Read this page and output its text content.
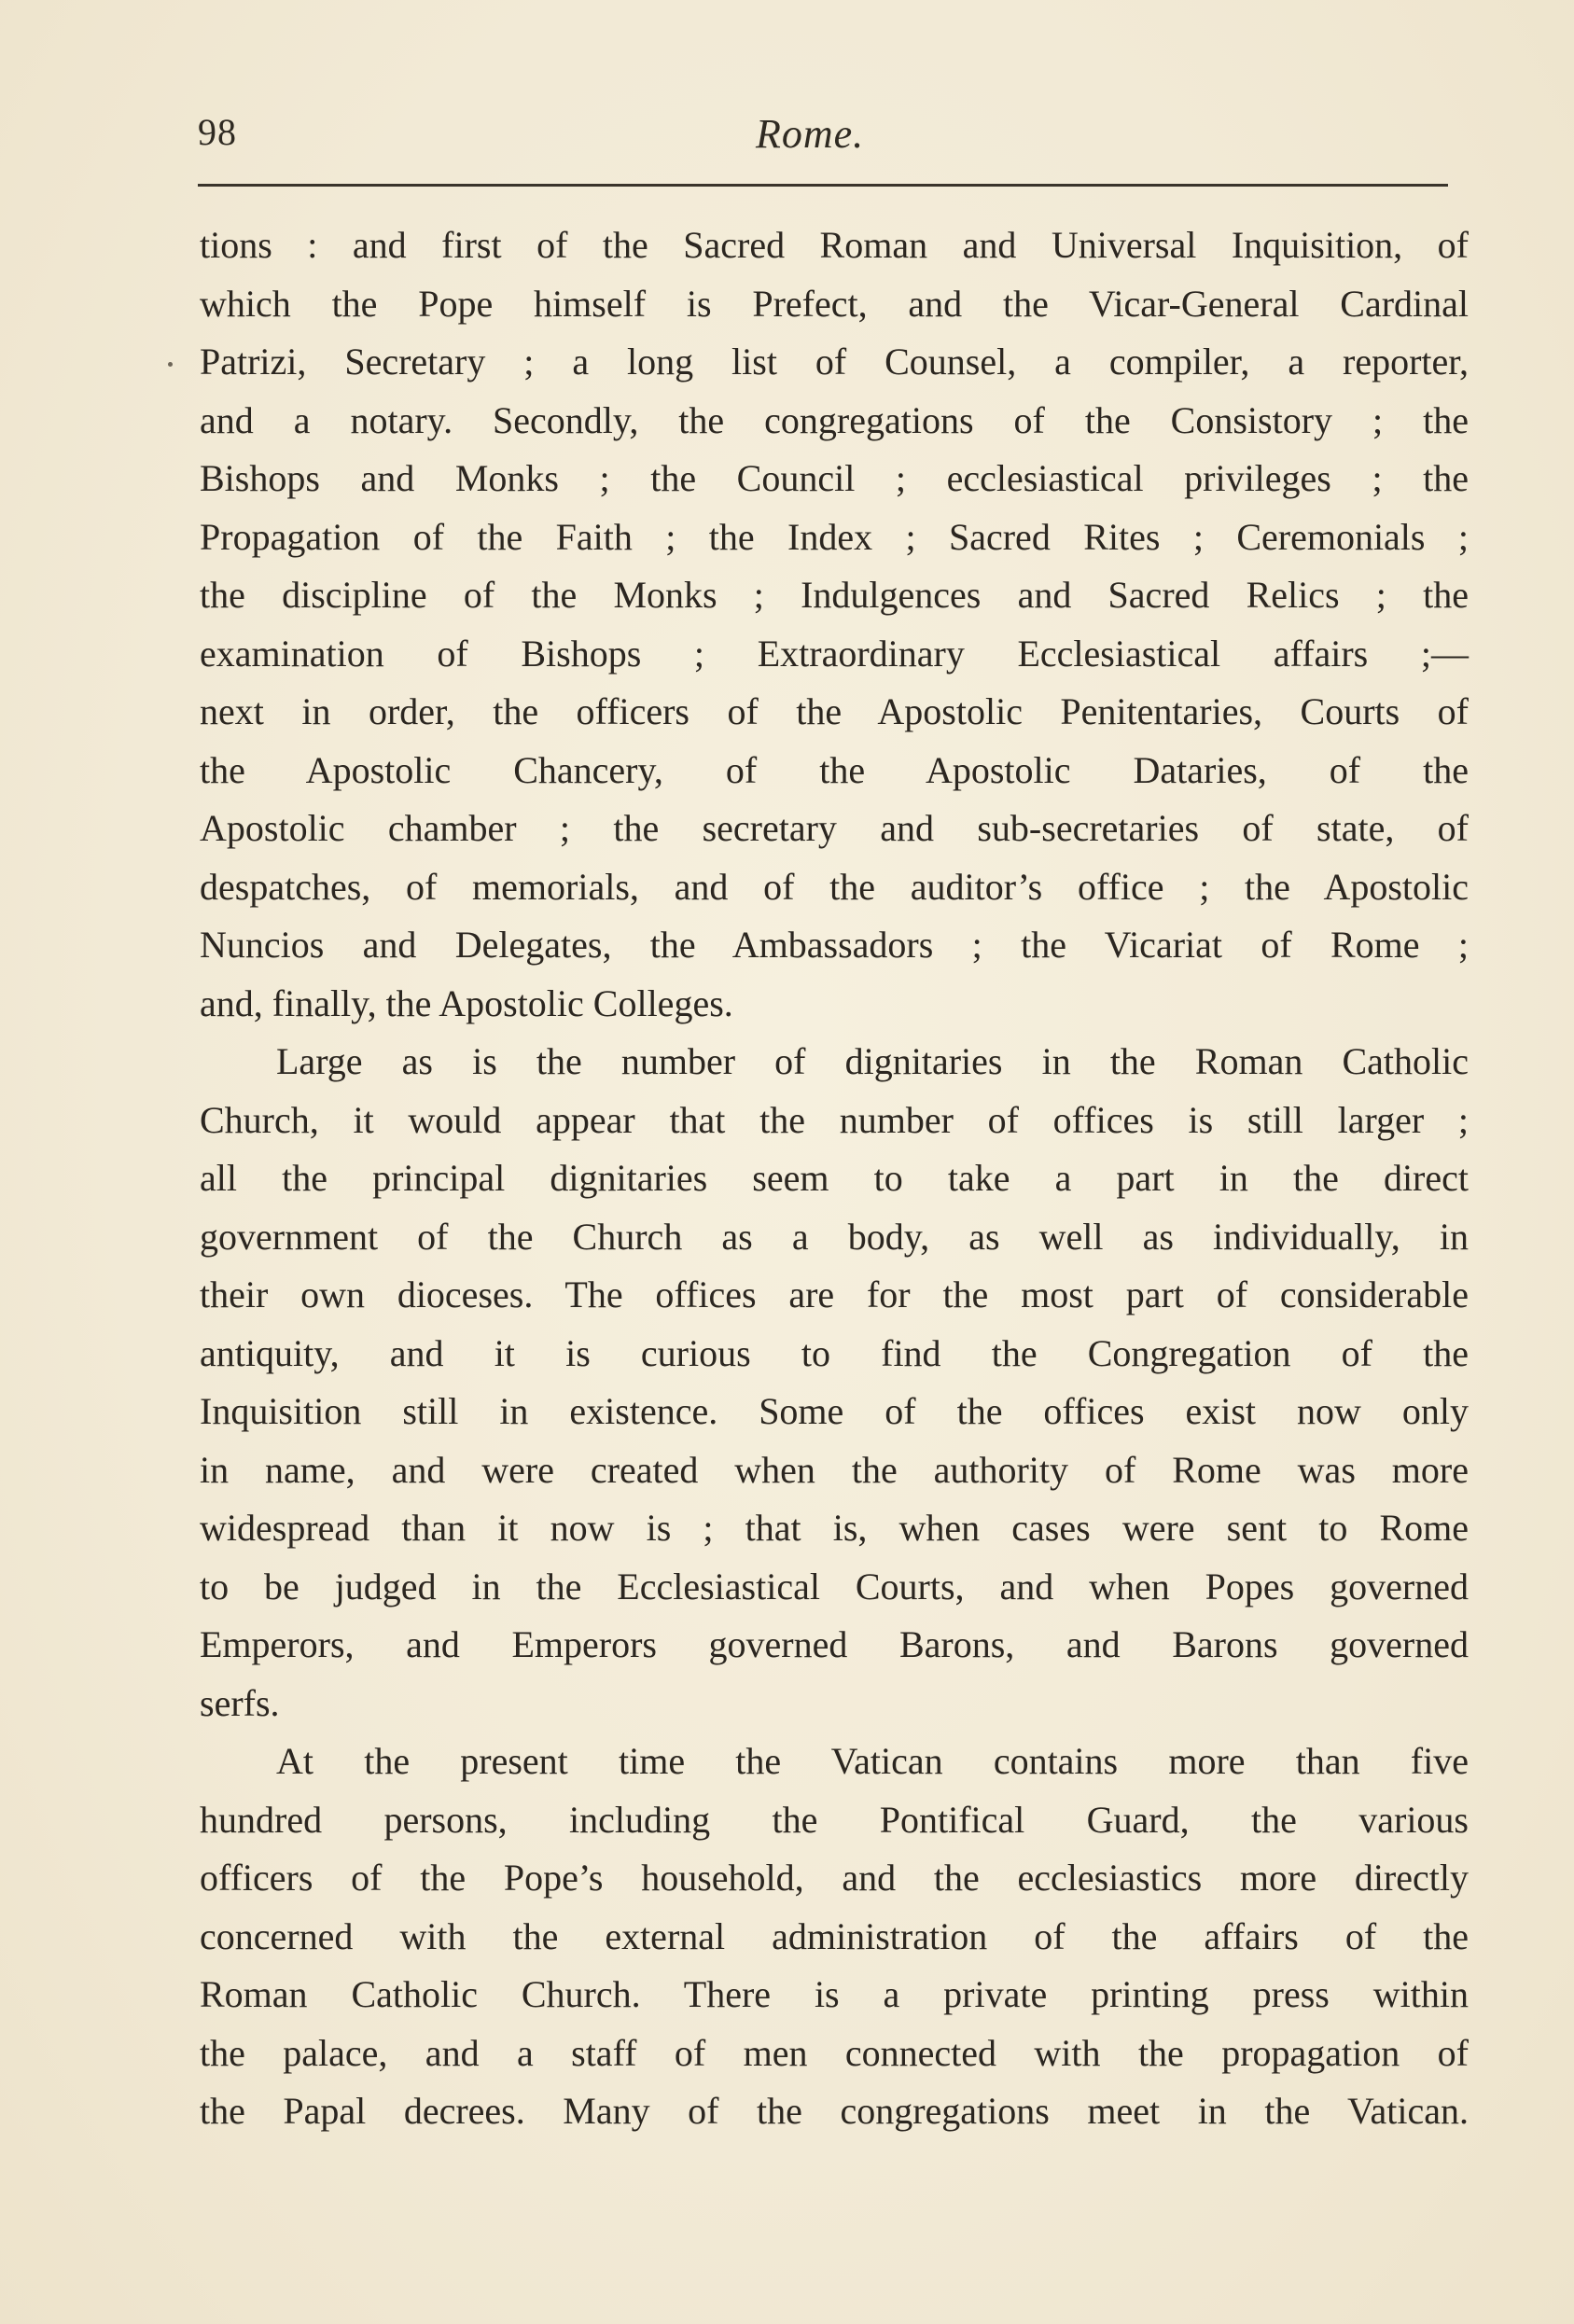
98	Rome.
tions : and first of the Sacred Roman and Universal Inquisition, of
which the Pope himself is Prefect, and the Vicar-General Cardinal
Patrizi, Secretary ; a long list of Counsel, a compiler, a reporter,
and a notary. Secondly, the congregations of the Consistory ; the
Bishops and Monks ; the Council ; ecclesiastical privileges ; the
Propagation of the Faith ; the Index ; Sacred Rites ; Ceremonials ;
the discipline of the Monks ; Indulgences and Sacred Relics ; the
examination of Bishops ; Extraordinary Ecclesiastical affairs ;—
next in order, the officers of the Apostolic Penitentaries, Courts of
the Apostolic Chancery, of the Apostolic Dataries, of the
Apostolic chamber ; the secretary and sub-secretaries of state, of
despatches, of memorials, and of the auditor’s office ; the Apostolic
Nuncios and Delegates, the Ambassadors ; the Vicariat of Rome ;
and, finally, the Apostolic Colleges.
Large as is the number of dignitaries in the Roman Catholic
Church, it would appear that the number of offices is still larger ;
all the principal dignitaries seem to take a part in the direct
government of the Church as a body, as well as individually, in
their own dioceses. The offices are for the most part of considerable
antiquity, and it is curious to find the Congregation of the
Inquisition still in existence. Some of the offices exist now only
in name, and were created when the authority of Rome was more
widespread than it now is ; that is, when cases were sent to Rome
to be judged in the Ecclesiastical Courts, and when Popes governed
Emperors, and Emperors governed Barons, and Barons governed
serfs.
At the present time the Vatican contains more than five
hundred persons, including the Pontifical Guard, the various
officers of the Pope’s household, and the ecclesiastics more directly
concerned with the external administration of the affairs of the
Roman Catholic Church. There is a private printing press within
the palace, and a staff of men connected with the propagation of
the Papal decrees. Many of the congregations meet in the Vatican.
